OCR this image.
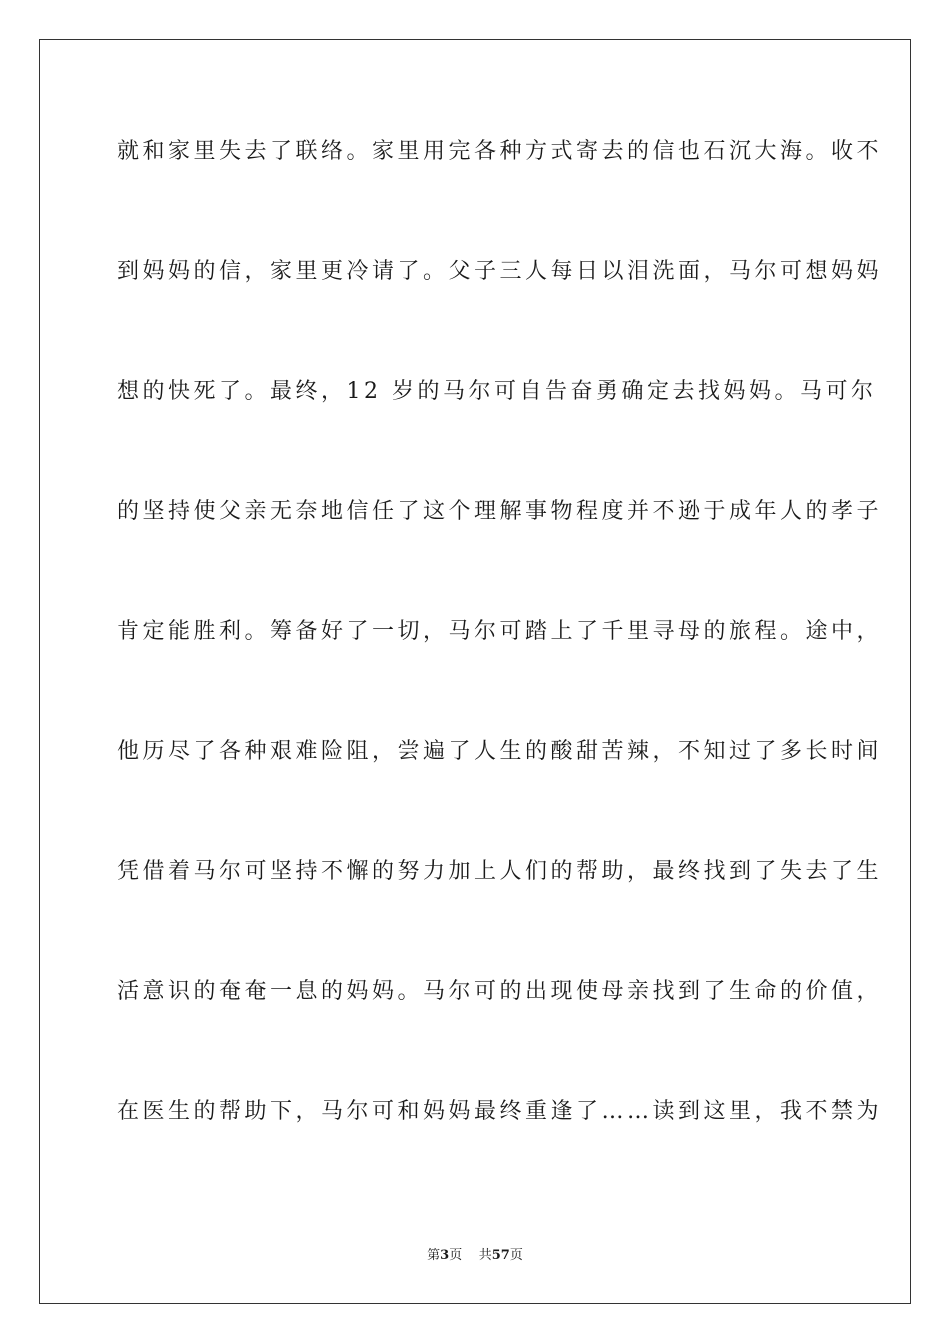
就和家里失去了联络。家里用完各种方式寄去的信也石沉大海。收不
到妈妈的信，家里更冷请了。父子三人每日以泪洗面，马尔可想妈妈
想的快死了。最终，12 岁的马尔可自告奋勇确定去找妈妈。马可尔
的坚持使父亲无奈地信任了这个理解事物程度并不逊于成年人的孝子
肯定能胜利。筹备好了一切，马尔可踏上了千里寻母的旅程。途中，
他历尽了各种艰难险阻，尝遍了人生的酸甜苦辣，不知过了多长时间
凭借着马尔可坚持不懈的努力加上人们的帮助，最终找到了失去了生
活意识的奄奄一息的妈妈。马尔可的出现使母亲找到了生命的价值，
在医生的帮助下，马尔可和妈妈最终重逢了……读到这里，我不禁为
第3页 共57页
